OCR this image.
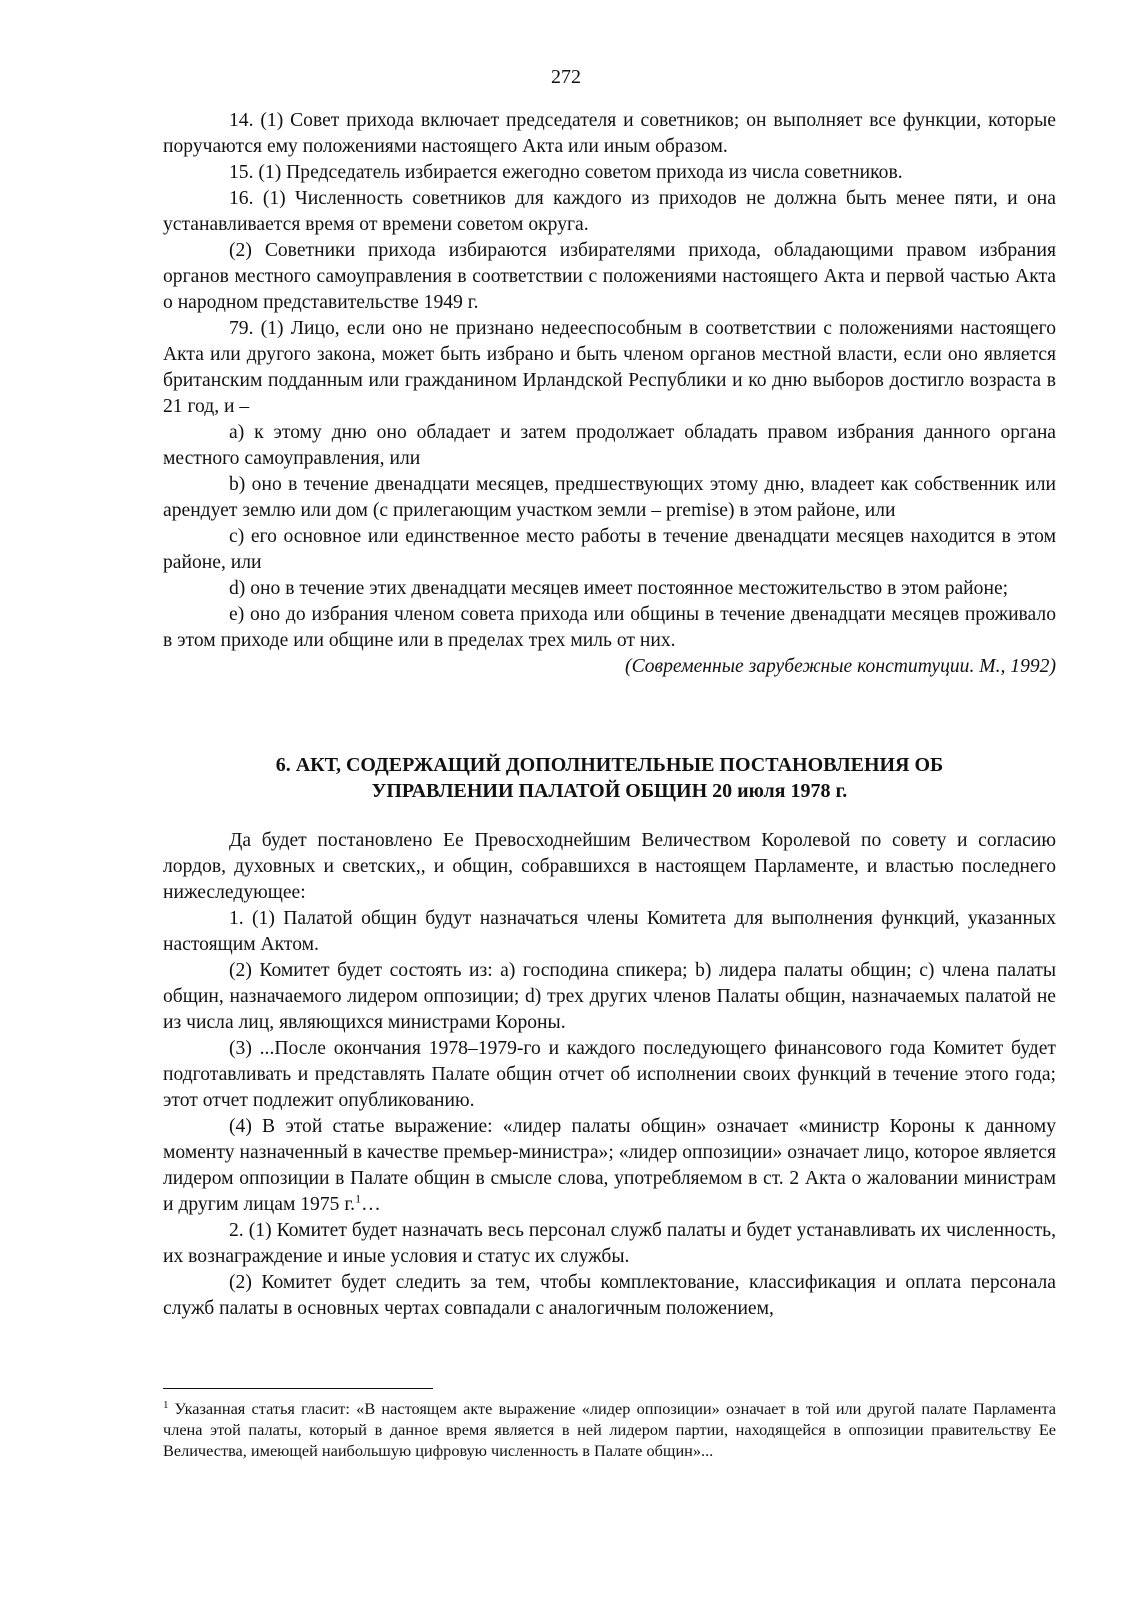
272

14. (1) Совет прихода включает председателя и советников; он выполняет все функции, которые поручаются ему положениями настоящего Акта или иным образом.

15. (1) Председатель избирается ежегодно советом прихода из числа советников.

16. (1) Численность советников для каждого из приходов не должна быть менее пяти, и она устанавливается время от времени советом округа.

(2) Советники прихода избираются избирателями прихода, обладающими правом избрания органов местного самоуправления в соответствии с положениями настоящего Акта и первой частью Акта о народном представительстве 1949 г.

79. (1) Лицо, если оно не признано недееспособным в соответствии с положениями настоящего Акта или другого закона, может быть избрано и быть членом органов местной власти, если оно является британским подданным или гражданином Ирландской Республики и ко дню выборов достигло возраста в 21 год, и –

a) к этому дню оно обладает и затем продолжает обладать правом избрания данного органа местного самоуправления, или

b) оно в течение двенадцати месяцев, предшествующих этому дню, владеет как собственник или арендует землю или дом (с прилегающим участком земли – premise) в этом районе, или

c) его основное или единственное место работы в течение двенадцати месяцев находится в этом районе, или

d) оно в течение этих двенадцати месяцев имеет постоянное местожительство в этом районе;

e) оно до избрания членом совета прихода или общины в течение двенадцати месяцев проживало в этом приходе или общине или в пределах трех миль от них.

(Современные зарубежные конституции. М., 1992)

6. АКТ, СОДЕРЖАЩИЙ ДОПОЛНИТЕЛЬНЫЕ ПОСТАНОВЛЕНИЯ ОБ
УПРАВЛЕНИИ ПАЛАТОЙ ОБЩИН 20 июля 1978 г.

Да будет постановлено Ее Превосходнейшим Величеством Королевой по совету и согласию лордов, духовных и светских,, и общин, собравшихся в настоящем Парламенте, и властью последнего нижеследующее:

1. (1) Палатой общин будут назначаться члены Комитета для выполнения функций, указанных настоящим Актом.

(2) Комитет будет состоять из: a) господина спикера; b) лидера палаты общин; c) члена палаты общин, назначаемого лидером оппозиции; d) трех других членов Палаты общин, назначаемых палатой не из числа лиц, являющихся министрами Короны.

(3) ...После окончания 1978–1979-го и каждого последующего финансового года Комитет будет подготавливать и представлять Палате общин отчет об исполнении своих функций в течение этого года; этот отчет подлежит опубликованию.

(4) В этой статье выражение: «лидер палаты общин» означает «министр Короны к данному моменту назначенный в качестве премьер-министра»; «лидер оппозиции» означает лицо, которое является лидером оппозиции в Палате общин в смысле слова, употребляемом в ст. 2 Акта о жаловании министрам и другим лицам 1975 г.$^1$…

2. (1) Комитет будет назначать весь персонал служб палаты и будет устанавливать их численность, их вознаграждение и иные условия и статус их службы.

(2) Комитет будет следить за тем, чтобы комплектование, классификация и оплата персонала служб палаты в основных чертах совпадали с аналогичным положением,

$^1$ Указанная статья гласит: «В настоящем акте выражение «лидер оппозиции» означает в той или другой палате Парламента члена этой палаты, который в данное время является в ней лидером партии, находящейся в оппозиции правительству Ее Величества, имеющей наибольшую цифровую численность в Палате общин»...
